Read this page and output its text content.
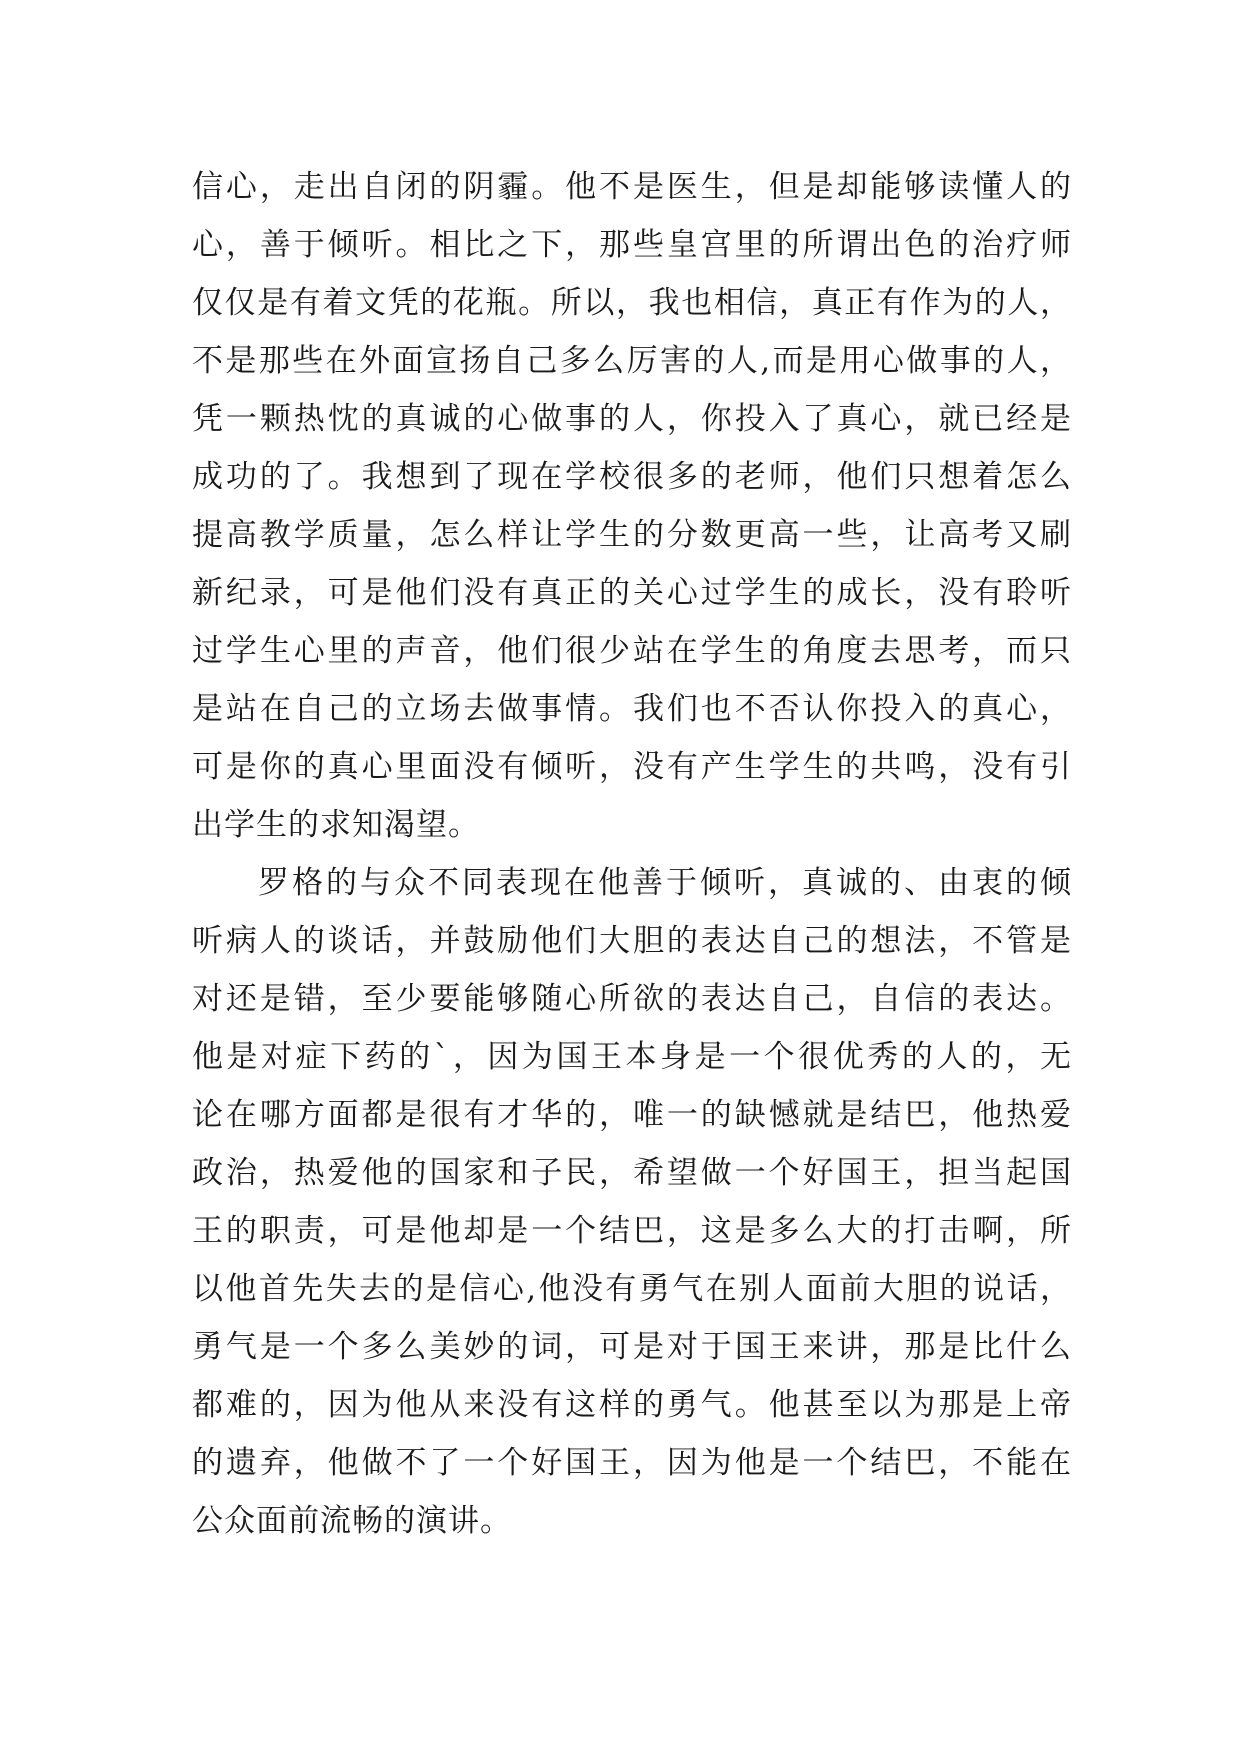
信心，走出自闭的阴霾。他不是医生，但是却能够读懂人的
心，善于倾听。相比之下，那些皇宫里的所谓出色的治疗师
仅仅是有着文凭的花瓶。所以，我也相信，真正有作为的人，
不是那些在外面宣扬自己多么厉害的人,而是用心做事的人，
凭一颗热忱的真诚的心做事的人，你投入了真心，就已经是
成功的了。我想到了现在学校很多的老师，他们只想着怎么
提高教学质量，怎么样让学生的分数更高一些，让高考又刷
新纪录，可是他们没有真正的关心过学生的成长，没有聆听
过学生心里的声音，他们很少站在学生的角度去思考，而只
是站在自己的立场去做事情。我们也不否认你投入的真心，
可是你的真心里面没有倾听，没有产生学生的共鸣，没有引
出学生的求知渴望。
罗格的与众不同表现在他善于倾听，真诚的、由衷的倾
听病人的谈话，并鼓励他们大胆的表达自己的想法，不管是
对还是错，至少要能够随心所欲的表达自己，自信的表达。
他是对症下药的`，因为国王本身是一个很优秀的人的，无
论在哪方面都是很有才华的，唯一的缺憾就是结巴，他热爱
政治，热爱他的国家和子民，希望做一个好国王，担当起国
王的职责，可是他却是一个结巴，这是多么大的打击啊，所
以他首先失去的是信心,他没有勇气在别人面前大胆的说话，
勇气是一个多么美妙的词，可是对于国王来讲，那是比什么
都难的，因为他从来没有这样的勇气。他甚至以为那是上帝
的遗弃，他做不了一个好国王，因为他是一个结巴，不能在
公众面前流畅的演讲。
